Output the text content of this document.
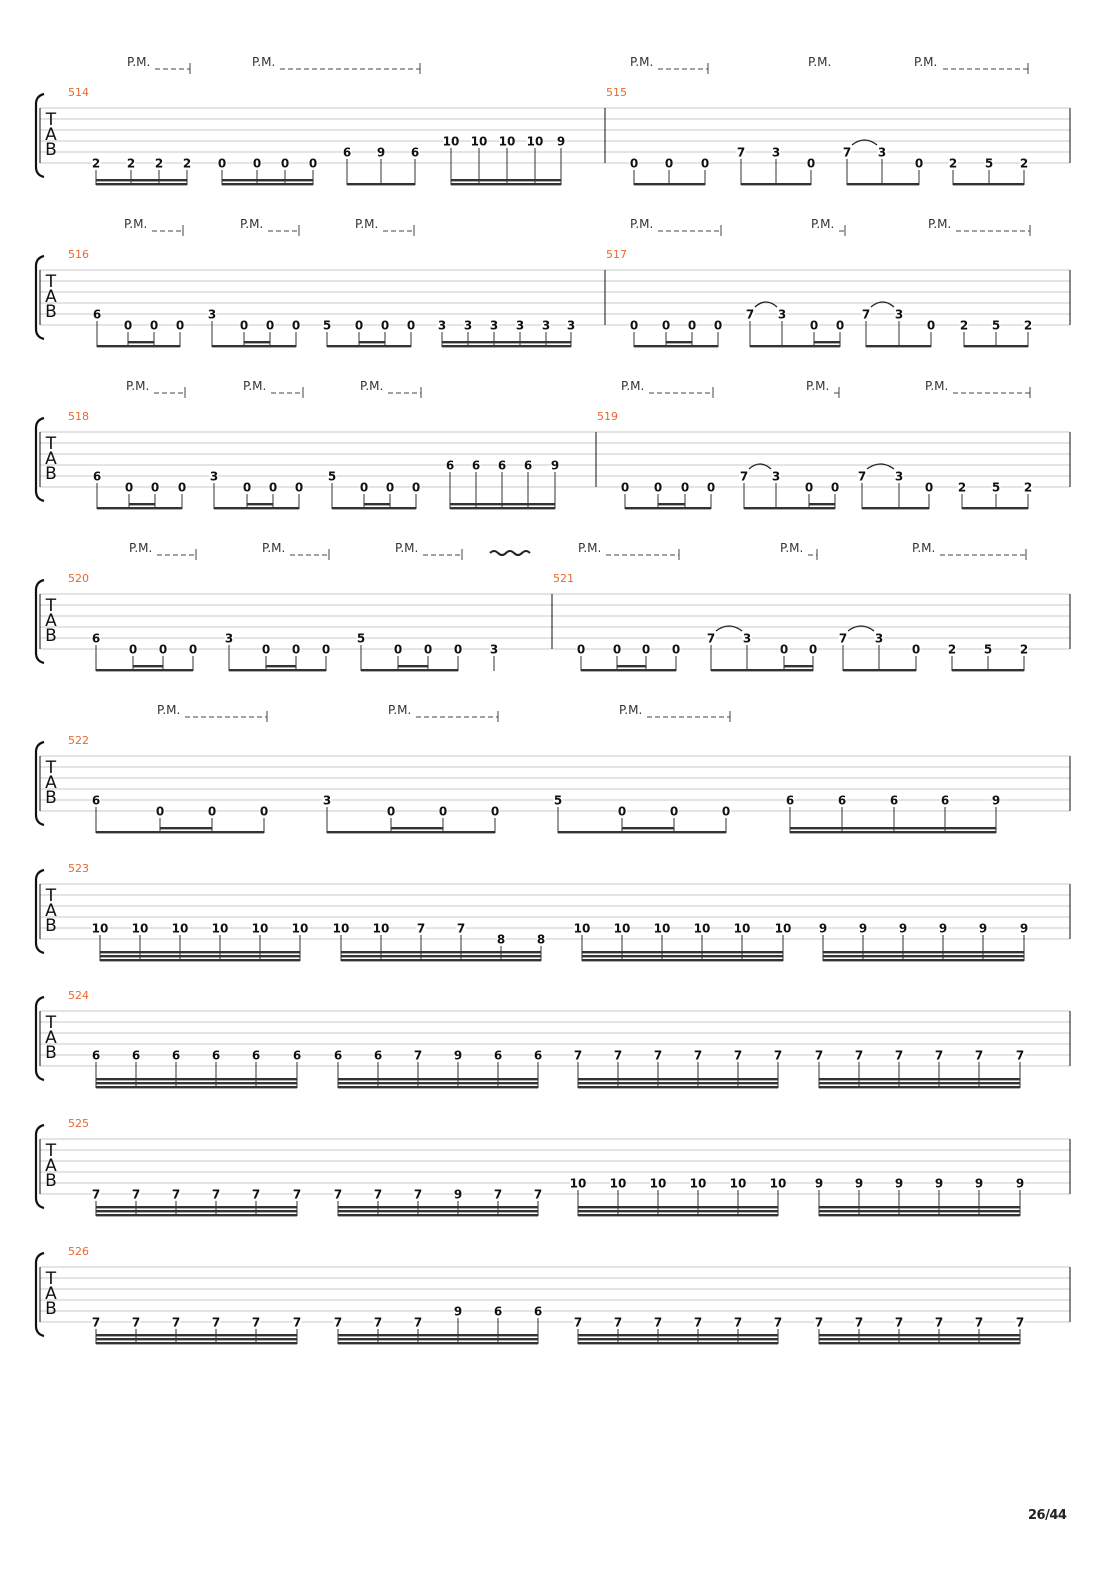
T
A
B
P.M.	P.M.	P.M.	P.M.	P.M.
514
2 2 2 2 0 0 0 0
6 9 6
10 10 10 10 9
515
0 0 0
7 3
0
7 3
0 2 5 2
T
A
B
P.M.	P.M.	P.M.	P.M.	P.M.	P.M.
516
6
0 0 0
3
0 0 0 5 0 0 0 3 3 3 3 3 3
517
0 0 0 0
7 3
0 0
7 3
0 2 5 2
T
A
B
P.M.	P.M.	P.M.	P.M.	P.M.	P.M.
518
6
0 0 0
3
0 0 0
5
0 0 0
6 6 6 6 9
519
0 0 0 0
7 3
0 0
7 3
0 2 5 2
T
A
B
P.M.	P.M.	P.M.	P.M.	P.M.	P.M.
520
6
0 0 0
3
0 0 0
5
0 0 0 3
521
0 0 0 0
7 3
0 0
7 3
0 2 5 2
T
A
B
P.M.	P.M.	P.M.
522
6
0	0	0
3
0	0	0
5
0	0	0
6	6	6	6	9
T
A
B
523
10 10 10 10 10 10 10 10 7	7
8	8
10 10 10 10 10 10 9	9	9	9	9	9
T
A
B
524
6	6	6	6	6	6	6	6	7	9	6	6	7	7	7	7	7	7	7	7	7	7	7	7
T
A
B
525
7	7	7	7	7	7	7	7	7	9	7	7
10 10 10 10 10 10 9	9	9	9	9	9
T
A
B
526
7	7	7	7	7	7	7	7	7
9	6	6
7	7	7	7	7	7	7	7	7	7	7	7
26/44
